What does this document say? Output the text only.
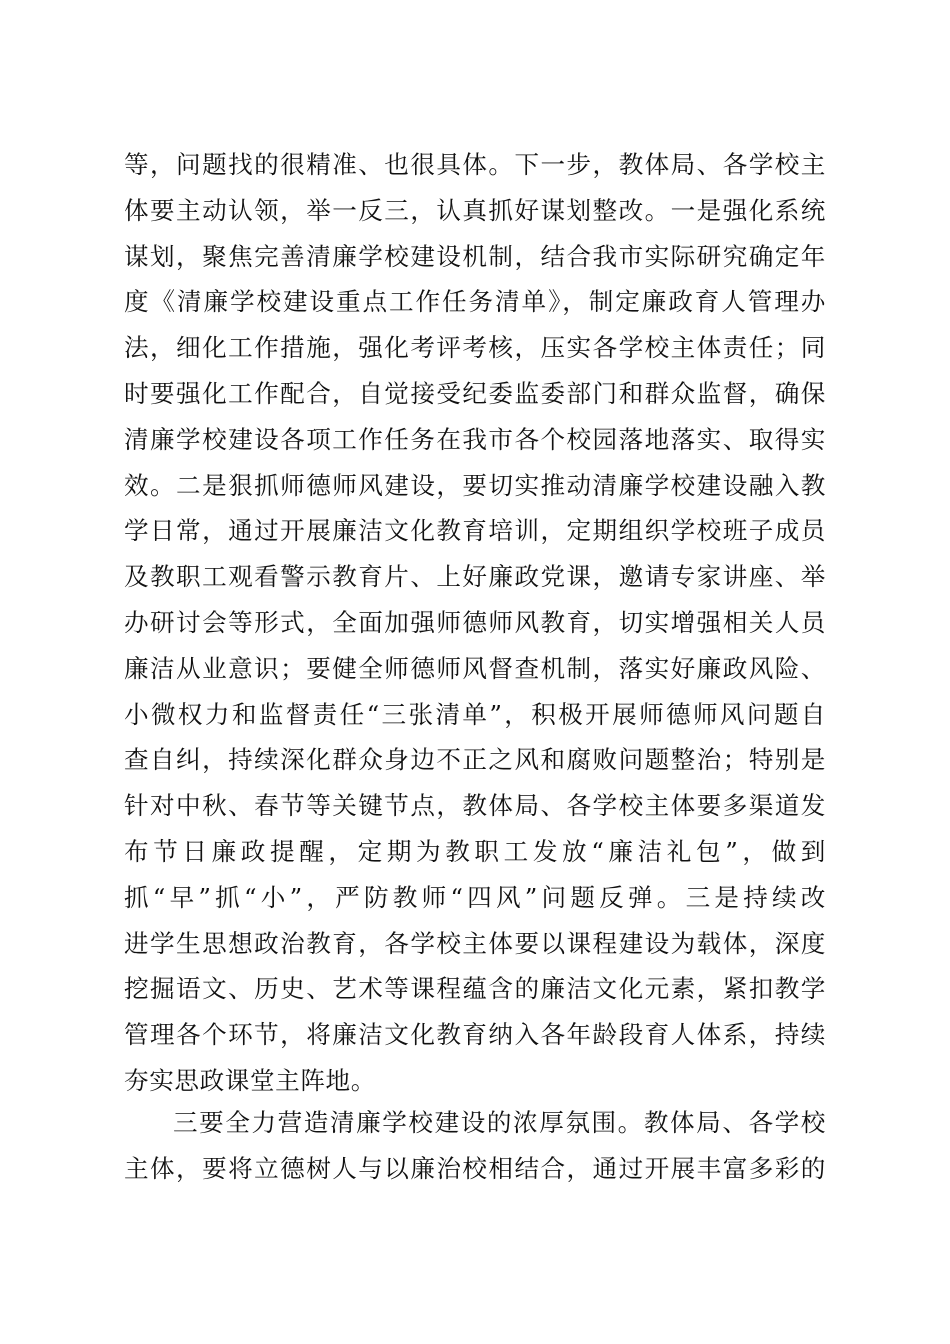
等，问题找的很精准、也很具体。下一步，教体局、各学校主
体要主动认领，举一反三，认真抓好谋划整改。一是强化系统
谋划，聚焦完善清廉学校建设机制，结合我市实际研究确定年
度《清廉学校建设重点工作任务清单》，制定廉政育人管理办
法，细化工作措施，强化考评考核，压实各学校主体责任；同
时要强化工作配合，自觉接受纪委监委部门和群众监督，确保
清廉学校建设各项工作任务在我市各个校园落地落实、取得实
效。二是狠抓师德师风建设，要切实推动清廉学校建设融入教
学日常，通过开展廉洁文化教育培训，定期组织学校班子成员
及教职工观看警示教育片、上好廉政党课，邀请专家讲座、举
办研讨会等形式，全面加强师德师风教育，切实增强相关人员
廉洁从业意识；要健全师德师风督查机制，落实好廉政风险、
小微权力和监督责任“三张清单”，积极开展师德师风问题自
查自纠，持续深化群众身边不正之风和腐败问题整治；特别是
针对中秋、春节等关键节点，教体局、各学校主体要多渠道发
布节日廉政提醒，定期为教职工发放“廉洁礼包”，做到
抓“早”抓“小”，严防教师“四风”问题反弹。三是持续改
进学生思想政治教育，各学校主体要以课程建设为载体，深度
挖掘语文、历史、艺术等课程蕴含的廉洁文化元素，紧扣教学
管理各个环节，将廉洁文化教育纳入各年龄段育人体系，持续
夯实思政课堂主阵地。
三要全力营造清廉学校建设的浓厚氛围。教体局、各学校
主体，要将立德树人与以廉治校相结合，通过开展丰富多彩的
